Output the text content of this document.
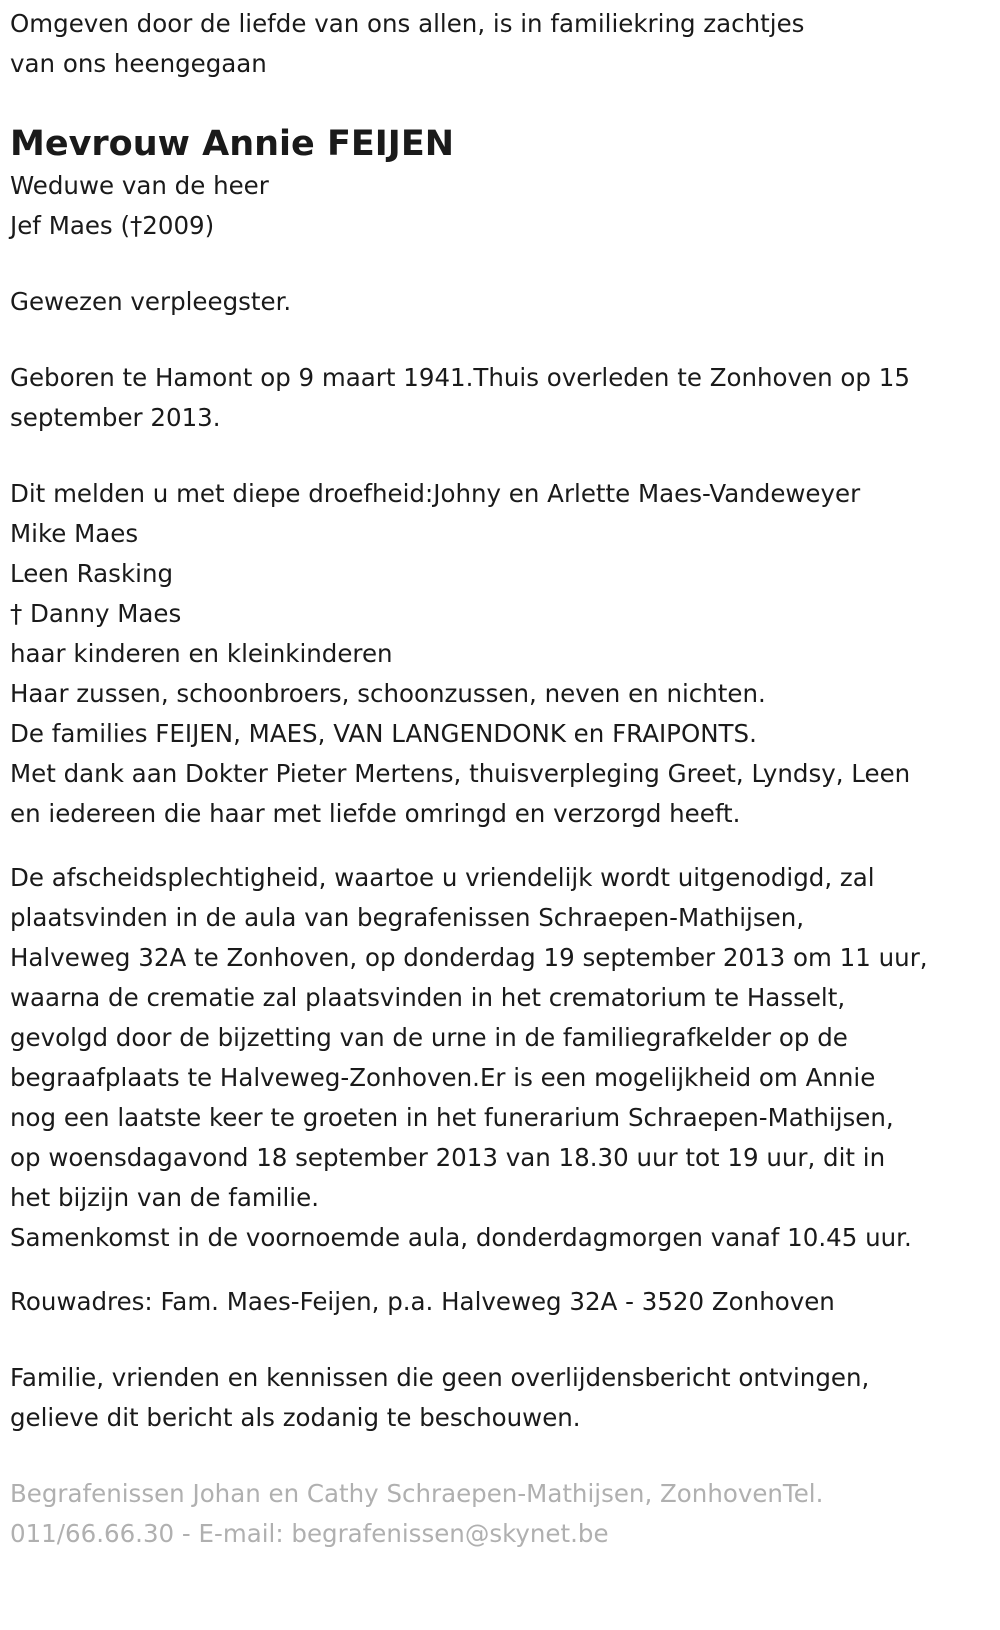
Omgeven door de liefde van ons allen, is in familiekring zachtjes
van ons heengegaan
Mevrouw Annie FEIJEN
Weduwe van de heer
Jef Maes (†2009)
Gewezen verpleegster.
Geboren te Hamont op 9 maart 1941.Thuis overleden te Zonhoven op 15
september 2013.
Dit melden u met diepe droefheid:Johny en Arlette Maes-Vandeweyer
Mike Maes
Leen Rasking
† Danny Maes
haar kinderen en kleinkinderen
Haar zussen, schoonbroers, schoonzussen, neven en nichten.
De families FEIJEN, MAES, VAN LANGENDONK en FRAIPONTS.
Met dank aan Dokter Pieter Mertens, thuisverpleging Greet, Lyndsy, Leen
en iedereen die haar met liefde omringd en verzorgd heeft.
De afscheidsplechtigheid, waartoe u vriendelijk wordt uitgenodigd, zal
plaatsvinden in de aula van begrafenissen Schraepen-Mathijsen,
Halveweg 32A te Zonhoven, op donderdag 19 september 2013 om 11 uur,
waarna de crematie zal plaatsvinden in het crematorium te Hasselt,
gevolgd door de bijzetting van de urne in de familiegrafkelder op de
begraafplaats te Halveweg-Zonhoven.Er is een mogelijkheid om Annie
nog een laatste keer te groeten in het funerarium Schraepen-Mathijsen,
op woensdagavond 18 september 2013 van 18.30 uur tot 19 uur, dit in
het bijzijn van de familie.
Samenkomst in de voornoemde aula, donderdagmorgen vanaf 10.45 uur.
Rouwadres: Fam. Maes-Feijen, p.a. Halveweg 32A - 3520 Zonhoven
Familie, vrienden en kennissen die geen overlijdensbericht ontvingen,
gelieve dit bericht als zodanig te beschouwen.
Begrafenissen Johan en Cathy Schraepen-Mathijsen, ZonhovenTel.
011/66.66.30 - E-mail: begrafenissen@skynet.be
